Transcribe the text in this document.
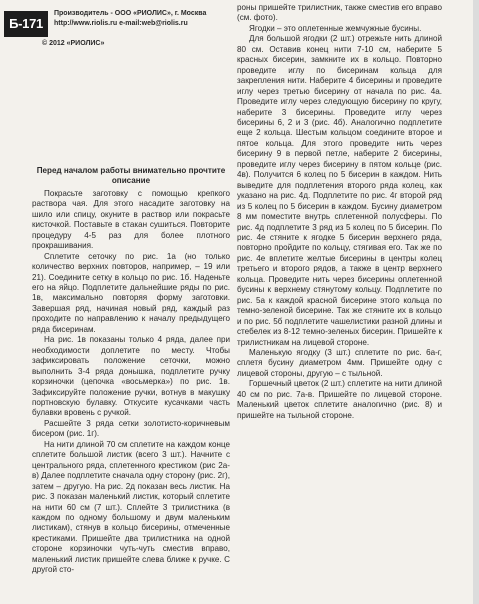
Б-171
Производитель - ООО «РИОЛИС», г. Москва
http://www.riolis.ru e-mail:web@riolis.ru
© 2012 «РИОЛИС»

Перед началом работы внимательно прочтите описание

Покрасьте заготовку с помощью крепкого раствора чая. Для этого насадите заготовку на шило или спицу, окуните в раствор или покрасьте кисточкой. Поставьте в стакан сушиться. Повторите процедуру 4-5 раз для более плотного прокрашивания.

Сплетите сеточку по рис. 1а (но только количество верхних повторов, например, – 19 или 21). Соедините сетку в кольцо по рис. 1б. Наденьте его на яйцо. Подплетите дальнейшие ряды по рис. 1в, максимально повторяя форму заготовки. Завершая ряд, начиная новый ряд, каждый раз проходите по направлению к началу предыдущего ряда бисеринам.

На рис. 1в показаны только 4 ряда, далее при необходимости доплетите по месту. Чтобы зафиксировать положение сеточки, можно выполнить 3-4 ряда донышка, подплетите ручку корзиночки (цепочка «восьмерка») по рис. 1в. Зафиксируйте положение ручки, вотнув в макушку портновскую булавку. Откусите кусачками часть булавки вровень с ручкой.

Расшейте 3 ряда сетки золотисто-коричневым бисером (рис. 1г).

На нити длиной 70 см сплетите на каждом конце сплетите большой листик (всего 3 шт.). Начните с центрального ряда, сплетенного крестиком (рис 2а-в) Далее подплетите сначала одну сторону (рис. 2г), затем – другую. На рис. 2д показан весь листик. На рис. 3 показан маленький листик, который сплетите на нити 60 см (7 шт.). Сплейте 3 трилистника (в каждом по одному большому и двум маленьким листикам), стянув в кольцо бисерины, отмеченные крестиками. Пришейте два трилистника на одной стороне корзиночки чуть-чуть сместив вправо, маленький листик пришейте слева ближе к ручке. С другой сто-

роны пришейте трилистник, также сместив его вправо (см. фото).

Ягодки – это оплетенные жемчужные бусины.

Для большой ягодки (2 шт.) отрежьте нить длиной 80 см. Оставив конец нити 7-10 см, наберите 5 красных бисерин, замкните их в кольцо. Повторно проведите иглу по бисеринам кольца для закрепления нити. Наберите 4 бисерины и проведите иглу через третью бисерину от начала по рис. 4а. Проведите иглу через следующую бисерину по кругу, наберите 3 бисерины. Проведите иглу через бисерины 6, 2 и 3 (рис. 4б). Аналогично подплетите еще 2 кольца. Шестым кольцом соедините второе и пятое кольца. Для этого проведите нить через бисерину 9 в первой петле, наберите 2 бисерины, проведите иглу через бисерину в пятом кольце (рис. 4в). Получится 6 колец по 5 бисерин в каждом. Нить выведите для подплетения второго ряда колец, как указано на рис. 4д. Подплетите по рис. 4г второй ряд из 5 колец по 5 бисерин в каждом. Бусину диаметром 8 мм поместите внутрь сплетенной полусферы. По рис. 4д подплетите 3 ряд из 5 колец по 5 бисерин. По рис. 4е стяните к ягодке 5 бисерин верхнего ряда, повторно пройдите по кольцу, стягивая его. Так же по рис. 4е вплетите желтые бисерины в центры колец третьего и второго рядов, а также в центр верхнего кольца. Проведите нить через бисерины оплетенной бусины к верхнему стянутому кольцу. Подплетите по рис. 5а к каждой красной бисерине этого кольца по темно-зеленой бисерине. Так же стяните их в кольцо и по рис. 5б подплетите чашелистики разной длины и стебелек из 8-12 темно-зеленых бисерин. Пришейте к трилистникам на лицевой стороне.

Маленькую ягодку (3 шт.) сплетите по рис. 6а-г, сплетя бусину диаметром 4мм. Пришейте одну с лицевой стороны, другую – с тыльной.

Горшечный цветок (2 шт.) сплетите на нити длиной 40 см по рис. 7а-в. Пришейте по лицевой стороне. Маленький цветок сплетите аналогично (рис. 8) и пришейте на тыльной стороне.
